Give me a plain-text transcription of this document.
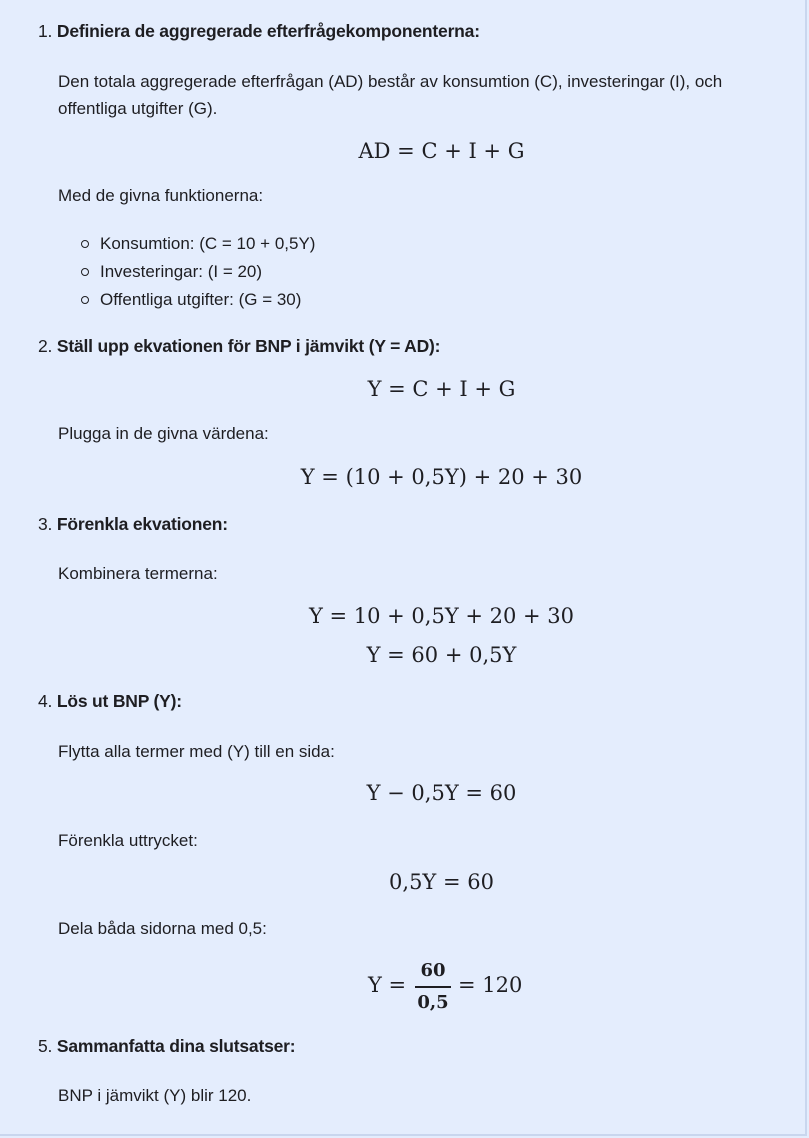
1. Definiera de aggregerade efterfrågekomponenterna:
Den totala aggregerade efterfrågan (AD) består av konsumtion (C), investeringar (I), och
offentliga utgifter (G).
AD = C + I + G
Med de givna funktionerna:
Konsumtion: (C = 10 + 0,5Y)
Investeringar: (I = 20)
Offentliga utgifter: (G = 30)
2. Ställ upp ekvationen för BNP i jämvikt (Y = AD):
Y = C + I + G
Plugga in de givna värdena:
Y = (10 + 0,5Y) + 20 + 30
3. Förenkla ekvationen:
Kombinera termerna:
Y = 10 + 0,5Y + 20 + 30
Y = 60 + 0,5Y
4. Lös ut BNP (Y):
Flytta alla termer med (Y) till en sida:
Y − 0,5Y = 60
Förenkla uttrycket:
0,5Y = 60
Dela båda sidorna med 0,5:
Y =
60
0,5
= 120
5. Sammanfatta dina slutsatser:
BNP i jämvikt (Y) blir 120.
